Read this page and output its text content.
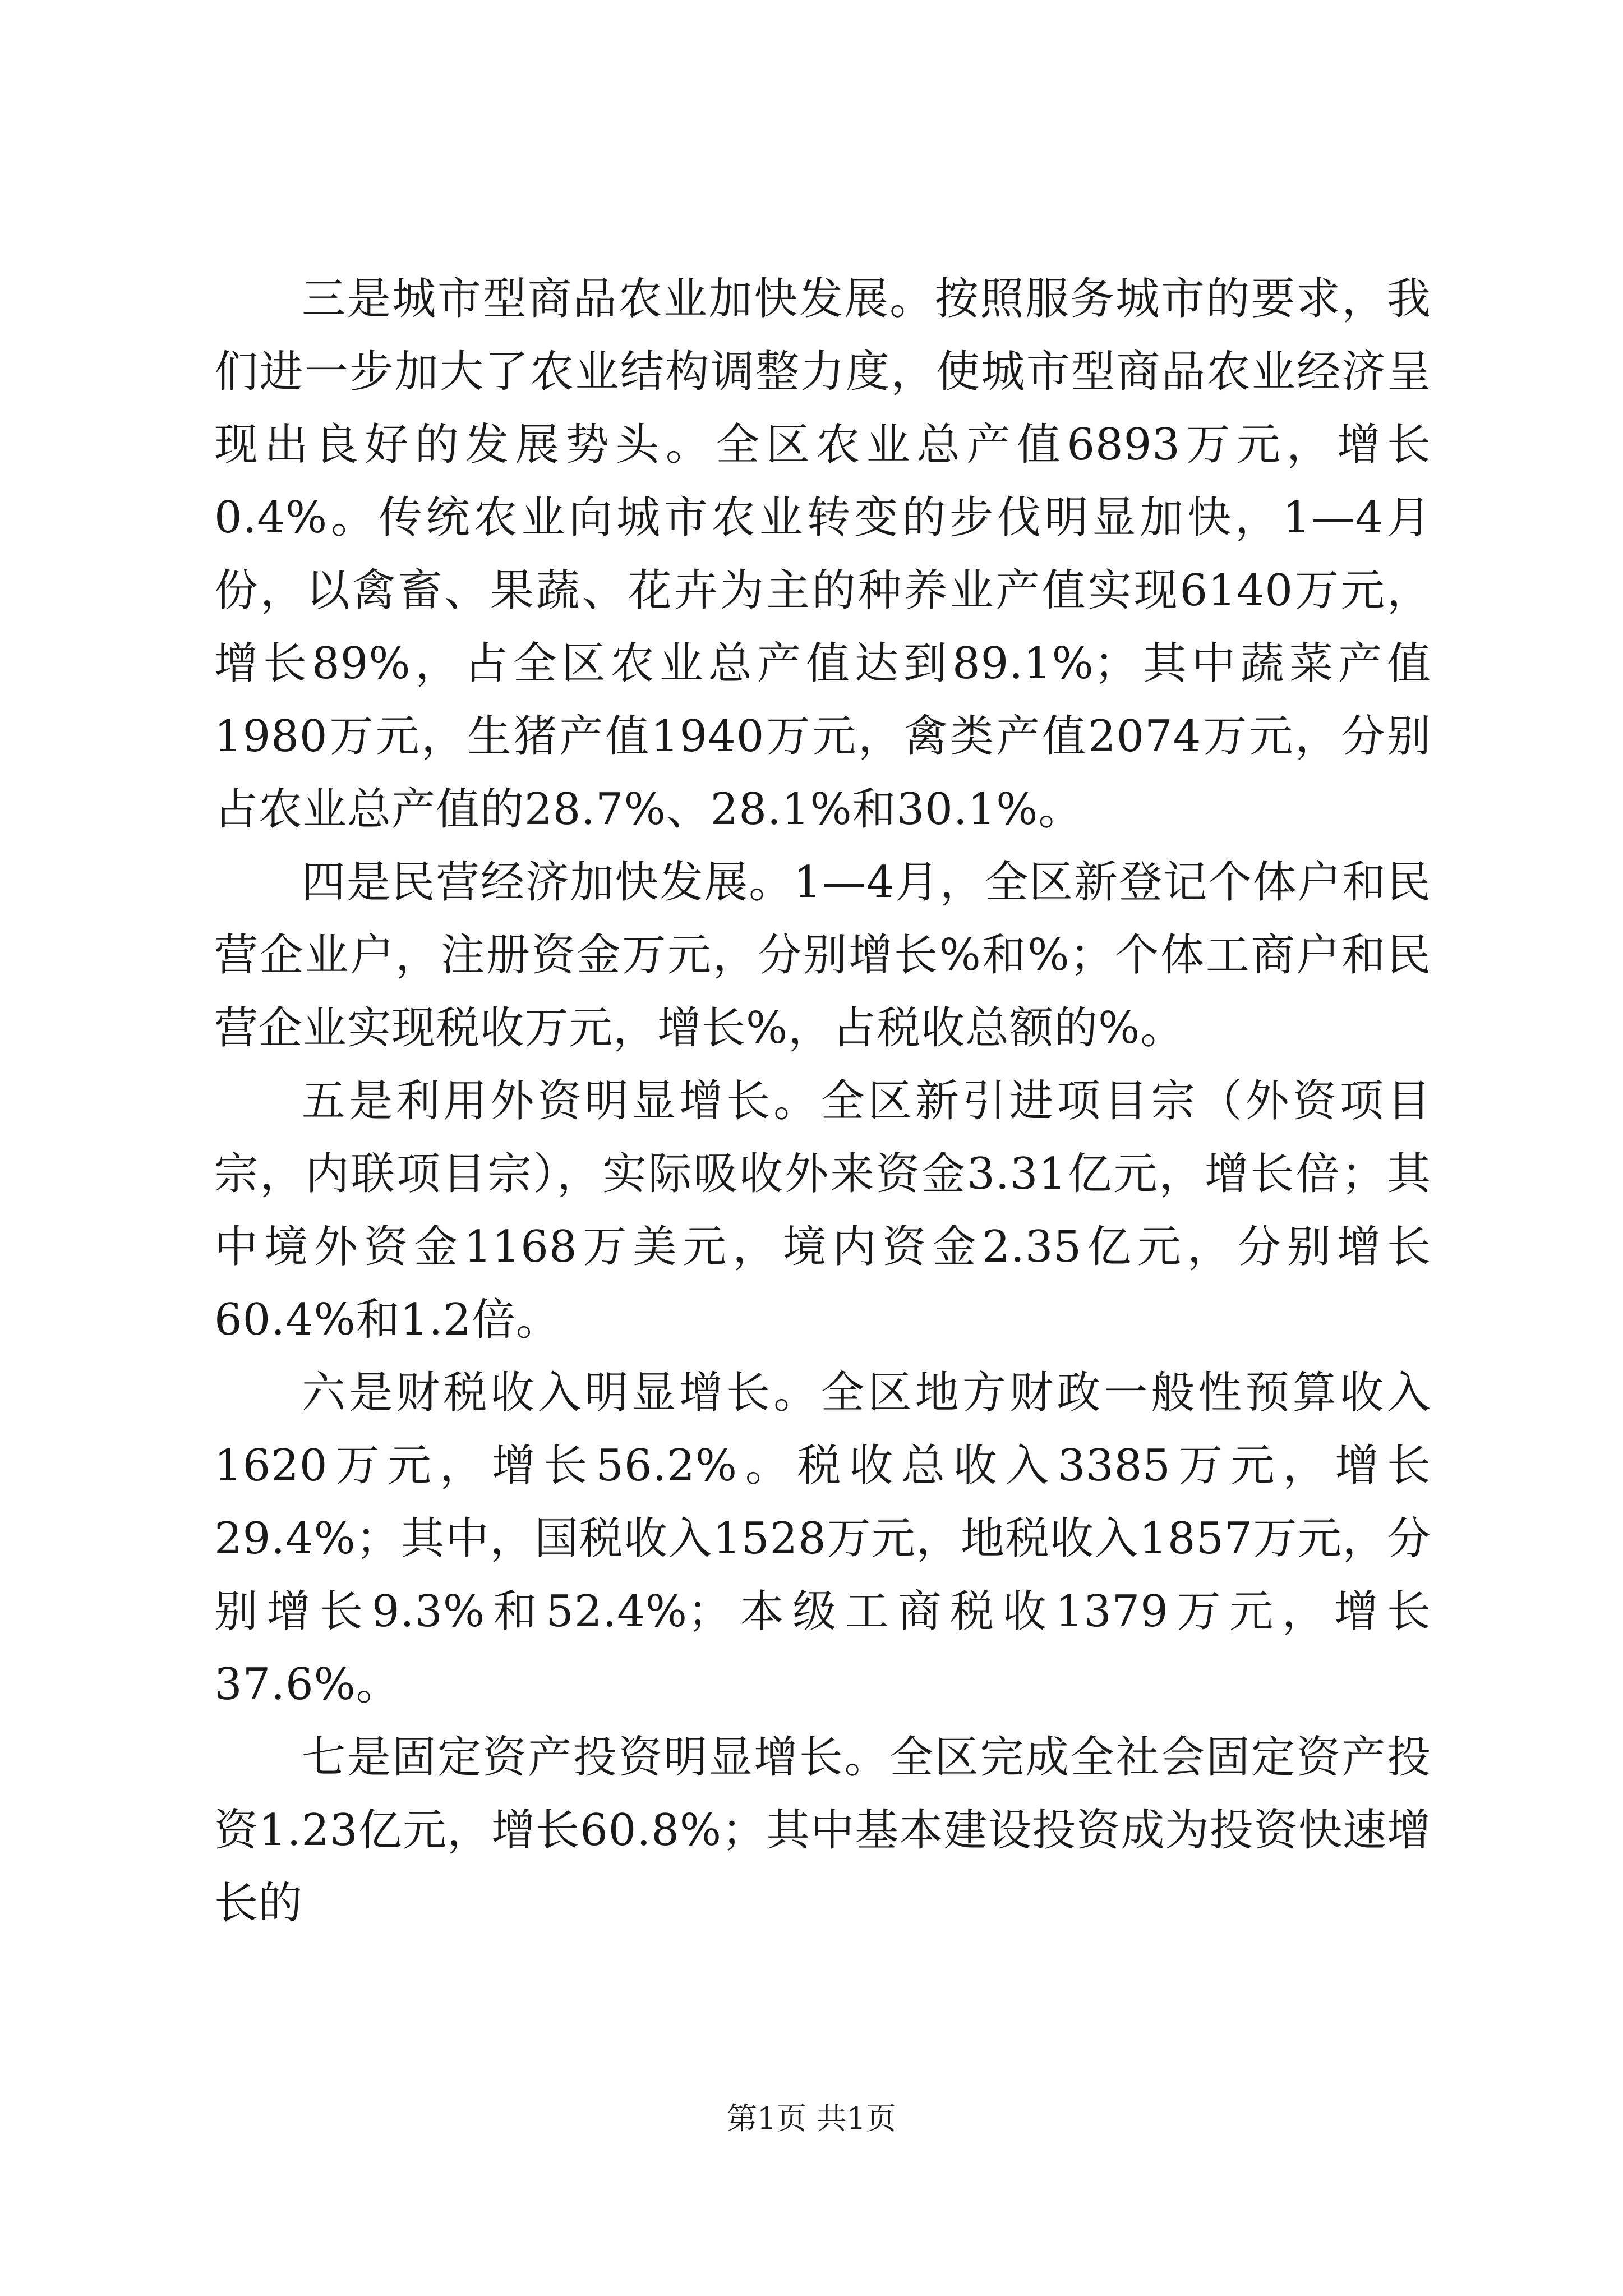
三是城市型商品农业加快发展。按照服务城市的要求，我们进一步加大了农业结构调整力度，使城市型商品农业经济呈现出良好的发展势头。全区农业总产值6893万元，增长0.4%。传统农业向城市农业转变的步伐明显加快，1—4月份，以禽畜、果蔬、花卉为主的种养业产值实现6140万元，增长89%，占全区农业总产值达到89.1%；其中蔬菜产值1980万元，生猪产值1940万元，禽类产值2074万元，分别占农业总产值的28.7%、28.1%和30.1%。

四是民营经济加快发展。1—4月，全区新登记个体户和民营企业户，注册资金万元，分别增长%和%；个体工商户和民营企业实现税收万元，增长%，占税收总额的%。

五是利用外资明显增长。全区新引进项目宗（外资项目宗，内联项目宗），实际吸收外来资金3.31亿元，增长倍；其中境外资金1168万美元，境内资金2.35亿元，分别增长60.4%和1.2倍。

六是财税收入明显增长。全区地方财政一般性预算收入1620万元，增长56.2%。税收总收入3385万元，增长29.4%；其中，国税收入1528万元，地税收入1857万元，分别增长9.3%和52.4%；本级工商税收1379万元，增长37.6%。

七是固定资产投资明显增长。全区完成全社会固定资产投资1.23亿元，增长60.8%；其中基本建设投资成为投资快速增长的

第1页 共1页
